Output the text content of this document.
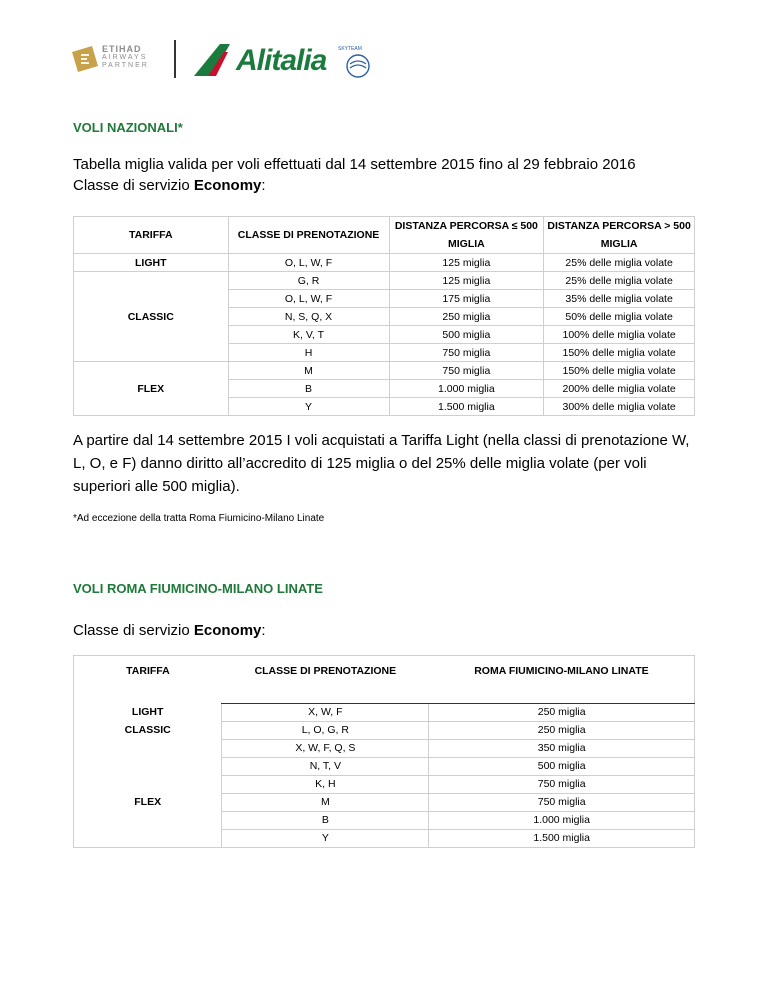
ETIHAD
AIRWAYS
PARTNER	Alitalia SKYTEAM
VOLI NAZIONALI*
Tabella miglia valida per voli effettuati dal 14 settembre 2015 fino al 29 febbraio 2016
Classe di servizio Economy:
TARIFFA	CLASSE DI PRENOTAZIONE	DISTANZA PERCORSA ≤ 500 MIGLIA	DISTANZA PERCORSA > 500 MIGLIA
LIGHT	O, L, W, F	125 miglia	25% delle miglia volate
CLASSIC	G, R	125 miglia	25% delle miglia volate
	O, L, W, F	175 miglia	35% delle miglia volate
	N, S, Q, X	250 miglia	50% delle miglia volate
	K, V, T	500 miglia	100% delle miglia volate
	H	750 miglia	150% delle miglia volate
FLEX	M	750 miglia	150% delle miglia volate
	B	1.000 miglia	200% delle miglia volate
	Y	1.500 miglia	300% delle miglia volate
A partire dal 14 settembre 2015 I voli acquistati a Tariffa Light (nella classi di prenotazione W, L, O, e F) danno diritto all’accredito di 125 miglia o del 25% delle miglia volate (per voli superiori alle 500 miglia).
*Ad eccezione della tratta Roma Fiumicino-Milano Linate
VOLI ROMA FIUMICINO-MILANO LINATE
Classe di servizio Economy:
TARIFFA	CLASSE DI PRENOTAZIONE	ROMA FIUMICINO-MILANO LINATE

LIGHT	X, W, F	250 miglia
CLASSIC	L, O, G, R	250 miglia
	X, W, F, Q, S	350 miglia
	N, T, V	500 miglia
	K, H	750 miglia
FLEX	M	750 miglia
	B	1.000 miglia
	Y	1.500 miglia
